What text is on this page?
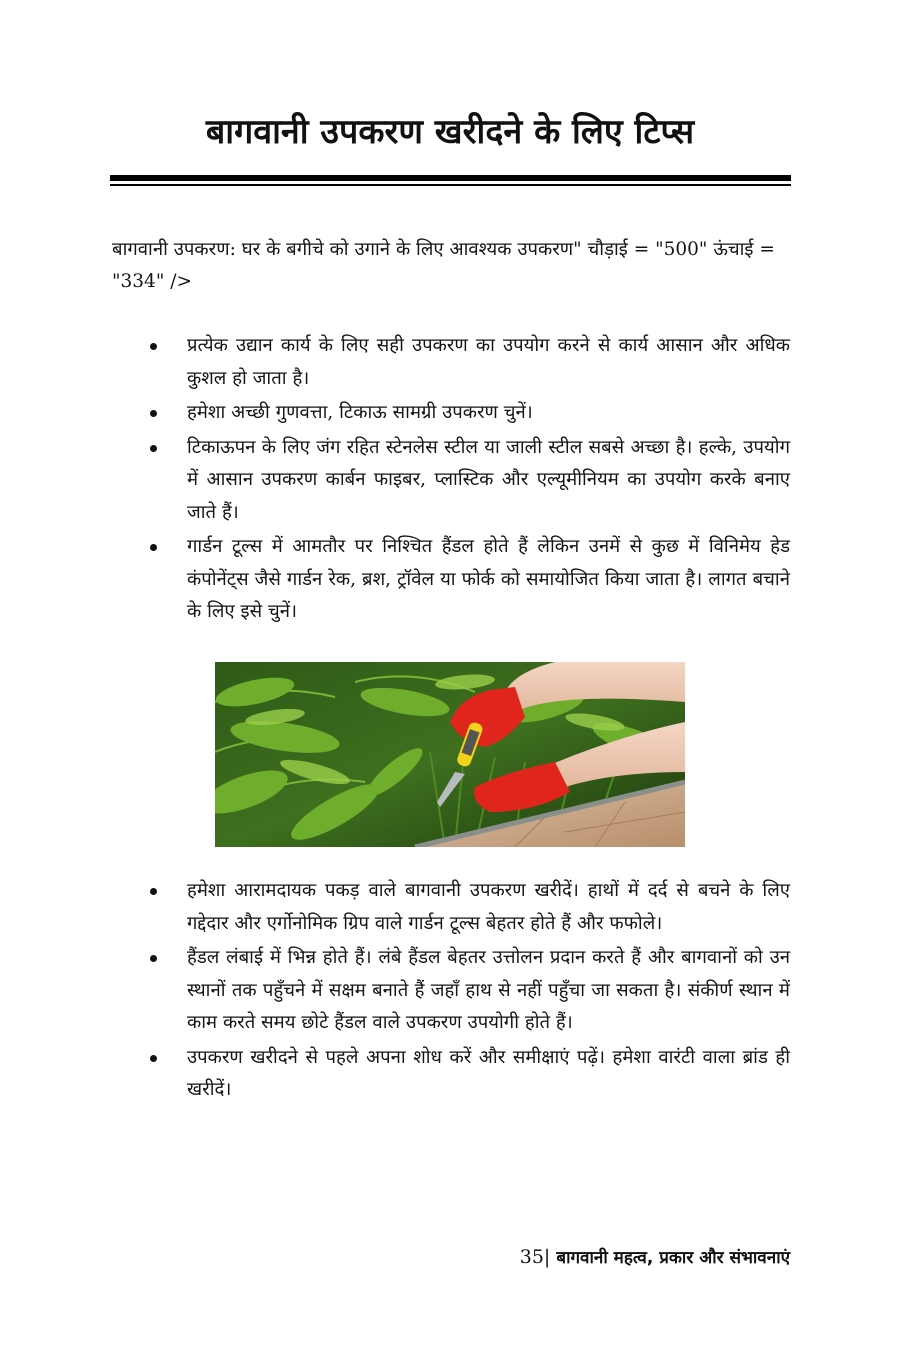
बागवानी उपकरण खरीदने के लिए टिप्स

बागवानी उपकरण: घर के बगीचे को उगाने के लिए आवश्यक उपकरण" चौड़ाई = "500" ऊंचाई = "334" />

प्रत्येक उद्यान कार्य के लिए सही उपकरण का उपयोग करने से कार्य आसान और अधिक कुशल हो जाता है।
हमेशा अच्छी गुणवत्ता, टिकाऊ सामग्री उपकरण चुनें।
टिकाऊपन के लिए जंग रहित स्टेनलेस स्टील या जाली स्टील सबसे अच्छा है। हल्के, उपयोग में आसान उपकरण कार्बन फाइबर, प्लास्टिक और एल्यूमीनियम का उपयोग करके बनाए जाते हैं।
गार्डन टूल्स में आमतौर पर निश्चित हैंडल होते हैं लेकिन उनमें से कुछ में विनिमेय हेड कंपोनेंट्स जैसे गार्डन रेक, ब्रश, ट्रॉवेल या फोर्क को समायोजित किया जाता है। लागत बचाने के लिए इसे चुनें।
हमेशा आरामदायक पकड़ वाले बागवानी उपकरण खरीदें। हाथों में दर्द से बचने के लिए गद्देदार और एर्गोनोमिक ग्रिप वाले गार्डन टूल्स बेहतर होते हैं और फफोले।
हैंडल लंबाई में भिन्न होते हैं। लंबे हैंडल बेहतर उत्तोलन प्रदान करते हैं और बागवानों को उन स्थानों तक पहुँचने में सक्षम बनाते हैं जहाँ हाथ से नहीं पहुँचा जा सकता है। संकीर्ण स्थान में काम करते समय छोटे हैंडल वाले उपकरण उपयोगी होते हैं।
उपकरण खरीदने से पहले अपना शोध करें और समीक्षाएं पढ़ें। हमेशा वारंटी वाला ब्रांड ही खरीदें।

35| बागवानी महत्व, प्रकार और संभावनाएं
